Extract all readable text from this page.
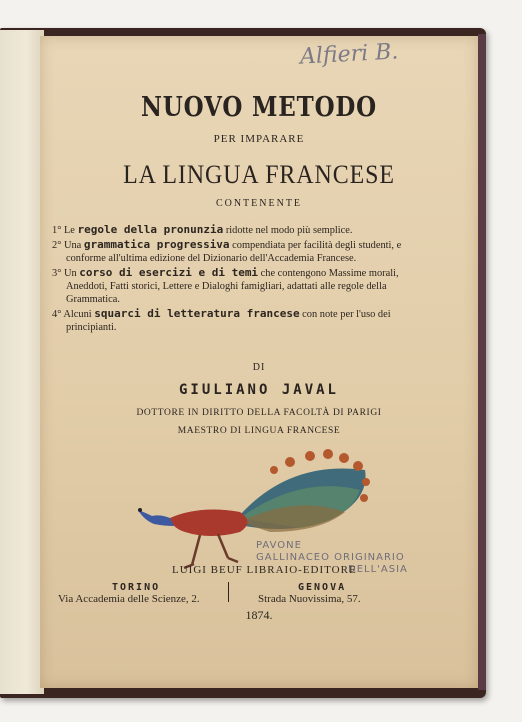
Alfieri B.
NUOVO METODO
PER IMPARARE
LA LINGUA FRANCESE
CONTENENTE
1° Le regole della pronunzia ridotte nel modo più semplice.
2° Una grammatica progressiva compendiata per facilità degli studenti, e conforme all'ultima edizione del Dizionario dell'Accademia Francese.
3° Un corso di esercizi e di temi che contengono Massime morali, Aneddoti, Fatti storici, Lettere e Dialoghi famigliari, adattati alle regole della Grammatica.
4° Alcuni squarci di letteratura francese con note per l'uso dei principianti.
DI
GIULIANO JAVAL
DOTTORE IN DIRITTO DELLA FACOLTÀ DI PARIGI
MAESTRO DI LINGUA FRANCESE
PAVONE
GALLINACEO ORIGINARIO
DELL'ASIA
LUIGI BEUF LIBRAIO-EDITORE
TORINO
Via Accademia delle Scienze, 2.
GENOVA
Strada Nuovissima, 57.
1874.
